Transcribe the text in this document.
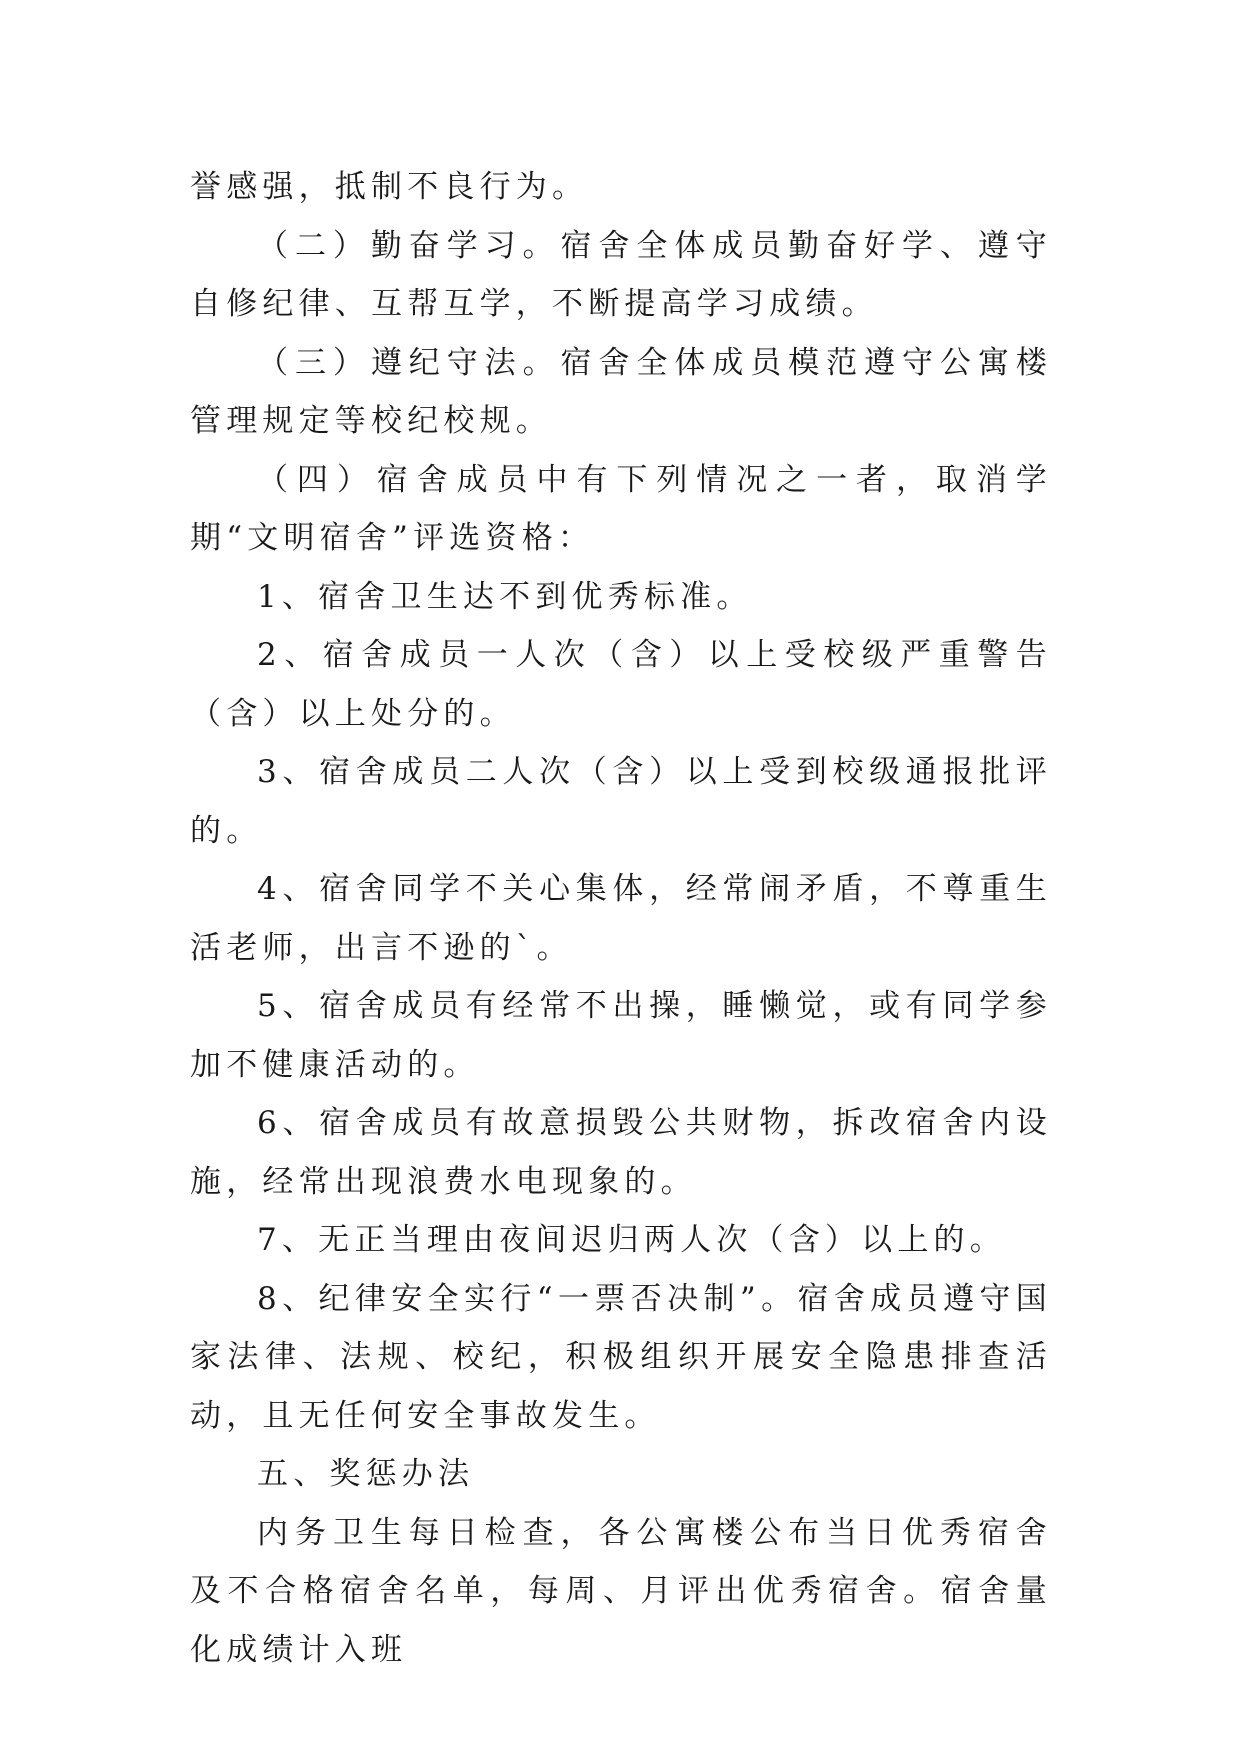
誉感强，抵制不良行为。

（二）勤奋学习。宿舍全体成员勤奋好学、遵守自修纪律、互帮互学，不断提高学习成绩。

（三）遵纪守法。宿舍全体成员模范遵守公寓楼管理规定等校纪校规。

（四）宿舍成员中有下列情况之一者，取消学期“文明宿舍”评选资格：

1、宿舍卫生达不到优秀标准。

2、宿舍成员一人次（含）以上受校级严重警告（含）以上处分的。

3、宿舍成员二人次（含）以上受到校级通报批评的。

4、宿舍同学不关心集体，经常闹矛盾，不尊重生活老师，出言不逊的`。

5、宿舍成员有经常不出操，睡懒觉，或有同学参加不健康活动的。

6、宿舍成员有故意损毁公共财物，拆改宿舍内设施，经常出现浪费水电现象的。

7、无正当理由夜间迟归两人次（含）以上的。

8、纪律安全实行“一票否决制”。宿舍成员遵守国家法律、法规、校纪，积极组织开展安全隐患排查活动，且无任何安全事故发生。

五、奖惩办法

内务卫生每日检查，各公寓楼公布当日优秀宿舍及不合格宿舍名单，每周、月评出优秀宿舍。宿舍量化成绩计入班
